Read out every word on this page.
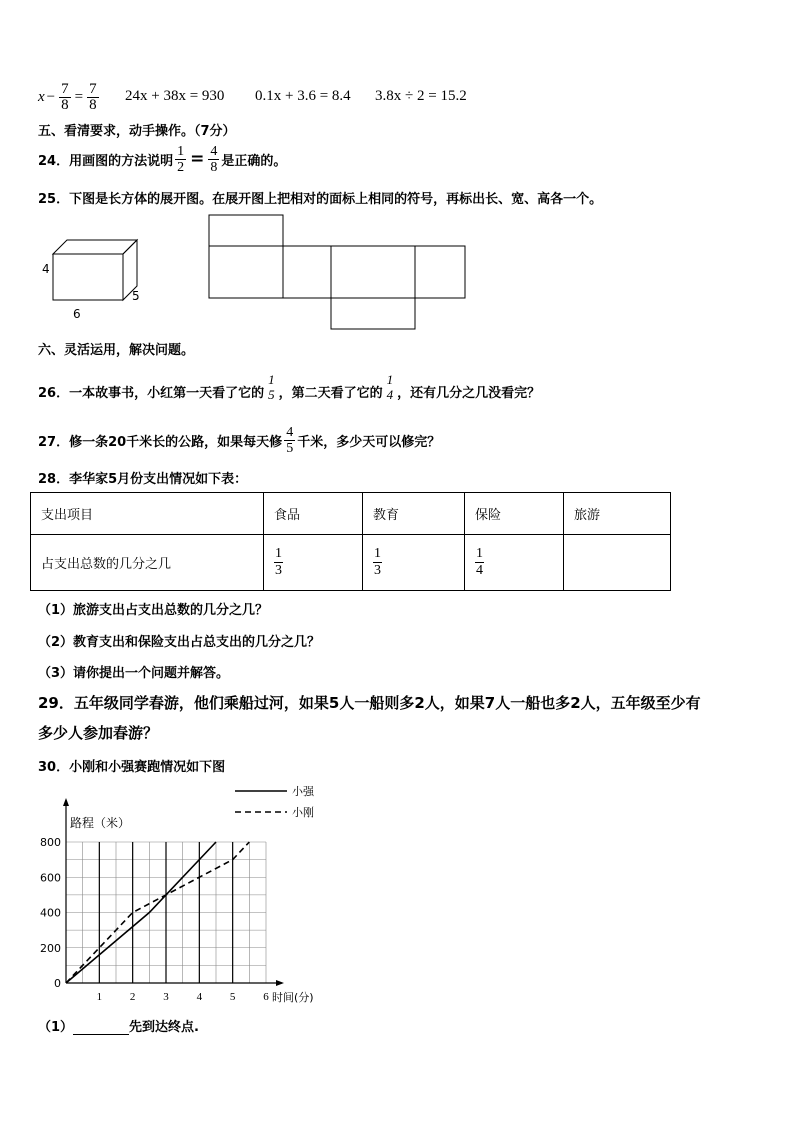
$x - \frac{7}{8} = \frac{7}{8} 24x + 38x = 930$ 0.1x + 3.6 = 8.4 3.8x ÷ 2 = 15.2
五、看清要求，动手操作。（7分）
24．用画图的方法说明 $\frac{1}{2} = \frac{4}{8}$ 是正确的。
25．下图是长方体的展开图。在展开图上把相对的面标上相同的符号，再标出长、宽、高各一个。
4
5
6
六、灵活运用，解决问题。
26．一本故事书，小红第一天看了它的
1
5 ，第二天看了它的
1
4 ，还有几分之几没看完？
27．修一条20千米长的公路，如果每天修 $\frac{4}{5}$ 千米，多少天可以修完？
28．李华家5月份支出情况如下表：
支出项目	食品	教育	保险	旅游
占支出总数的几分之几	$\frac{1}{3}$	$\frac{1}{3}$	$\frac{1}{4}$

（1）旅游支出占支出总数的几分之几？
（2）教育支出和保险支出占总支出的几分之几？
（3）请你提出一个问题并解答。
29．五年级同学春游，他们乘船过河，如果5人一船则多2人，如果7人一船也多2人，五年级至少有
多少人参加春游？
30．小刚和小强赛跑情况如下图
0
200
400
600
800
1	2	3	4	5	6
路程（米）
时间(分)
小强
小刚
（1）	先到达终点.
